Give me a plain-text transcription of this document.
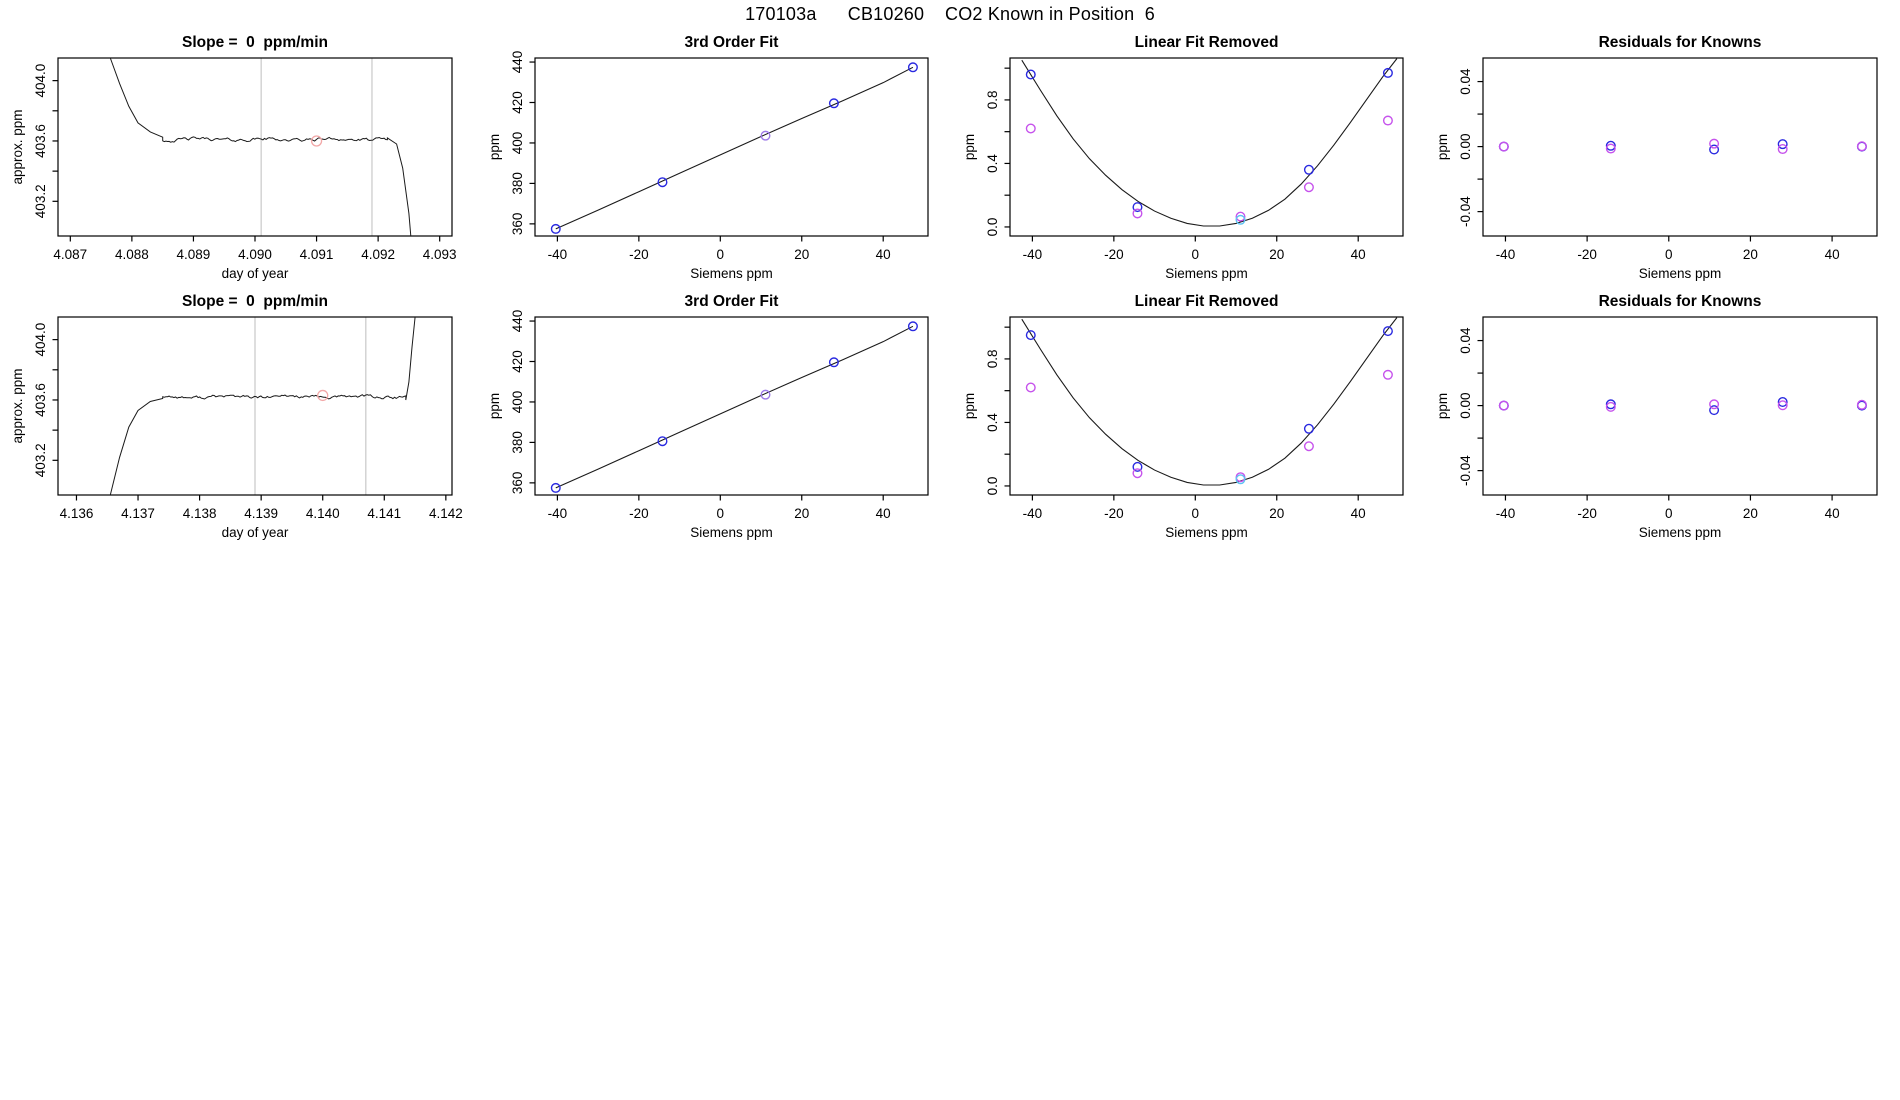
170103a      CB10260    CO2 Known in Position  6
4.087 4.088 4.089 4.090 4.091 4.092 4.093
403.2
403.6
404.0
Slope =  0  ppm/min
day of year
approx. ppm
-40	-20	0	20	40
360
380
400
420
440
3rd Order Fit
Siemens ppm
ppm
-40	-20	0	20	40
0.0
0.4
0.8
Linear Fit Removed
Siemens ppm
ppm
-40	-20	0	20	40
-0.04
0.00
0.04
Residuals for Knowns
Siemens ppm
ppm
4.136 4.137 4.138 4.139 4.140 4.141 4.142
403.2
403.6
404.0
Slope =  0  ppm/min
day of year
approx. ppm
-40	-20	0	20	40
360
380
400
420
440
3rd Order Fit
Siemens ppm
ppm
-40	-20	0	20	40
0.0
0.4
0.8
Linear Fit Removed
Siemens ppm
ppm
-40	-20	0	20	40
-0.04
0.00
0.04
Residuals for Knowns
Siemens ppm
ppm
